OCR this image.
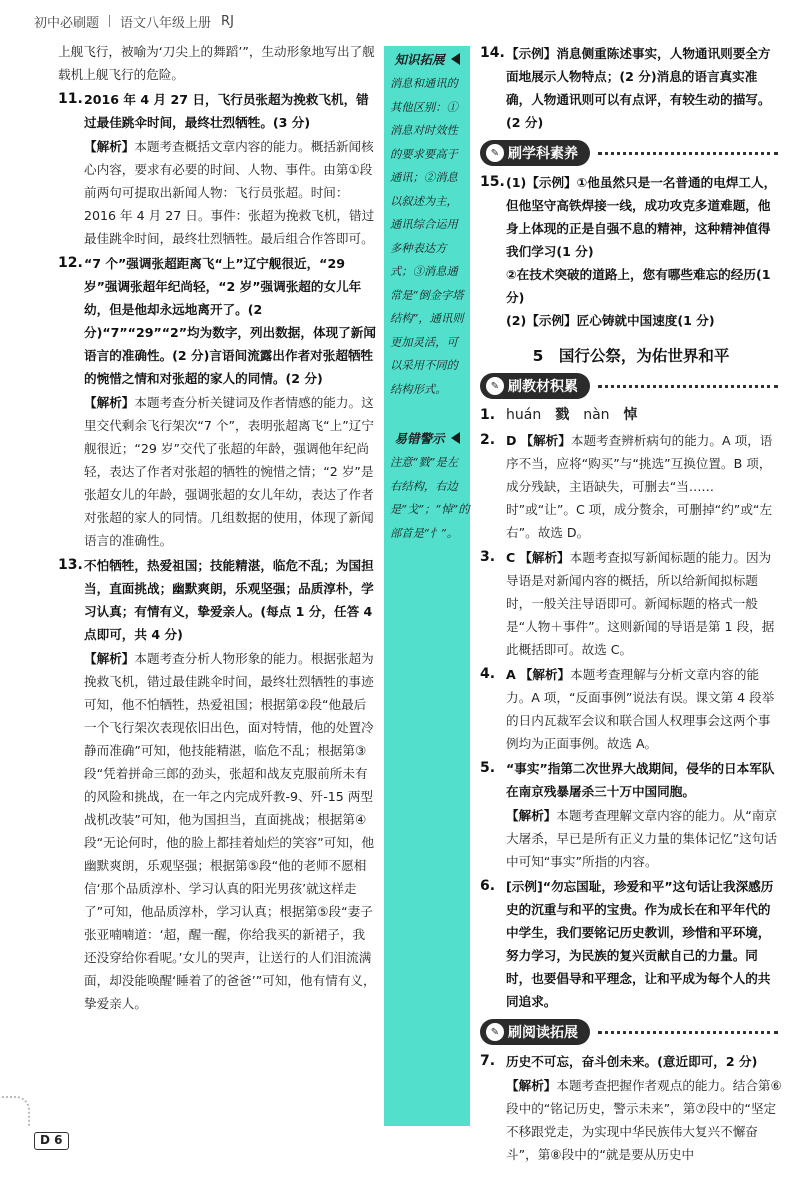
初中必刷题 语文八年级上册 RJ
上舰飞行，被喻为‘刀尖上的舞蹈’”，生动形象地写出了舰载机上舰飞行的危险。
11. 2016 年 4 月 27 日，飞行员张超为挽救飞机，错过最佳跳伞时间，最终壮烈牺牲。(3 分)
【解析】本题考查概括文章内容的能力。概括新闻核心内容，要求有必要的时间、人物、事件。由第①段前两句可提取出新闻人物：飞行员张超。时间：2016 年 4 月 27 日。事件：张超为挽救飞机，错过最佳跳伞时间，最终壮烈牺牲。最后组合作答即可。
12. “7 个”强调张超距离飞“上”辽宁舰很近，“29 岁”强调张超年纪尚轻，“2 岁”强调张超的女儿年幼，但是他却永远地离开了。(2 分)“7”“29”“2”均为数字，列出数据，体现了新闻语言的准确性。(2 分)言语间流露出作者对张超牺牲的惋惜之情和对张超的家人的同情。(2 分)
【解析】本题考查分析关键词及作者情感的能力。这里交代剩余飞行架次“7 个”，表明张超离飞“上”辽宁舰很近；“29 岁”交代了张超的年龄，强调他年纪尚轻，表达了作者对张超的牺牲的惋惜之情；“2 岁”是张超女儿的年龄，强调张超的女儿年幼，表达了作者对张超的家人的同情。几组数据的使用，体现了新闻语言的准确性。
13. 不怕牺牲，热爱祖国；技能精湛，临危不乱；为国担当，直面挑战；幽默爽朗，乐观坚强；品质淳朴，学习认真；有情有义，挚爱亲人。(每点 1 分，任答 4 点即可，共 4 分)
【解析】本题考查分析人物形象的能力。根据张超为挽救飞机，错过最佳跳伞时间，最终壮烈牺牲的事迹可知，他不怕牺牲，热爱祖国；根据第②段“他最后一个飞行架次表现依旧出色，面对特情，他的处置冷静而准确”可知，他技能精湛，临危不乱；根据第③段“凭着拼命三郎的劲头，张超和战友克服前所未有的风险和挑战，在一年之内完成歼教-9、歼-15 两型战机改装”可知，他为国担当，直面挑战；根据第④段“无论何时，他的脸上都挂着灿烂的笑容”可知，他幽默爽朗，乐观坚强；根据第⑤段“他的老师不愿相信‘那个品质淳朴、学习认真的阳光男孩’就这样走了”可知，他品质淳朴，学习认真；根据第⑤段“妻子张亚喃喃道：‘超，醒一醒，你给我买的新裙子，我还没穿给你看呢。’女儿的哭声，让送行的人们泪流满面，却没能唤醒‘睡着了的爸爸’”可知，他有情有义，挚爱亲人。
知识拓展
消息和通讯的其他区别：①消息对时效性的要求要高于通讯；②消息以叙述为主，通讯综合运用多种表达方式；③消息通常是“倒金字塔结构”，通讯则更加灵活，可以采用不同的结构形式。
易错警示
注意“戮”是左右结构，右边是“戈”；“悼”的部首是“忄”。
14. 【示例】消息侧重陈述事实，人物通讯则要全方面地展示人物特点；(2 分)消息的语言真实准确，人物通讯则可以有点评，有较生动的描写。(2 分)
✎ 刷学科素养
15. (1)【示例】①他虽然只是一名普通的电焊工人，但他坚守高铁焊接一线，成功攻克多道难题，他身上体现的正是自强不息的精神，这种精神值得我们学习(1 分)
②在技术突破的道路上，您有哪些难忘的经历(1 分)
(2)【示例】匠心铸就中国速度(1 分)
5　国行公祭，为佑世界和平
✎ 刷教材积累
1. huán 戮 nàn 悼
2. D 【解析】本题考查辨析病句的能力。A 项，语序不当，应将“购买”与“挑选”互换位置。B 项，成分残缺，主语缺失，可删去“当……时”或“让”。C 项，成分赘余，可删掉“约”或“左右”。故选 D。
3. C 【解析】本题考查拟写新闻标题的能力。因为导语是对新闻内容的概括，所以给新闻拟标题时，一般关注导语即可。新闻标题的格式一般是“人物＋事件”。这则新闻的导语是第 1 段，据此概括即可。故选 C。
4. A 【解析】本题考查理解与分析文章内容的能力。A 项，“反面事例”说法有误。课文第 4 段举的日内瓦裁军会议和联合国人权理事会这两个事例均为正面事例。故选 A。
5. “事实”指第二次世界大战期间，侵华的日本军队在南京残暴屠杀三十万中国同胞。
【解析】本题考查理解文章内容的能力。从“南京大屠杀，早已是所有正义力量的集体记忆”这句话中可知“事实”所指的内容。
6. [示例]“勿忘国耻，珍爱和平”这句话让我深感历史的沉重与和平的宝贵。作为成长在和平年代的中学生，我们要铭记历史教训，珍惜和平环境，努力学习，为民族的复兴贡献自己的力量。同时，也要倡导和平理念，让和平成为每个人的共同追求。
✎ 刷阅读拓展
7. 历史不可忘，奋斗创未来。(意近即可，2 分)
【解析】本题考查把握作者观点的能力。结合第⑥段中的“铭记历史，警示未来”，第⑦段中的“坚定不移跟党走，为实现中华民族伟大复兴不懈奋斗”，第⑧段中的“就是要从历史中
D 6
